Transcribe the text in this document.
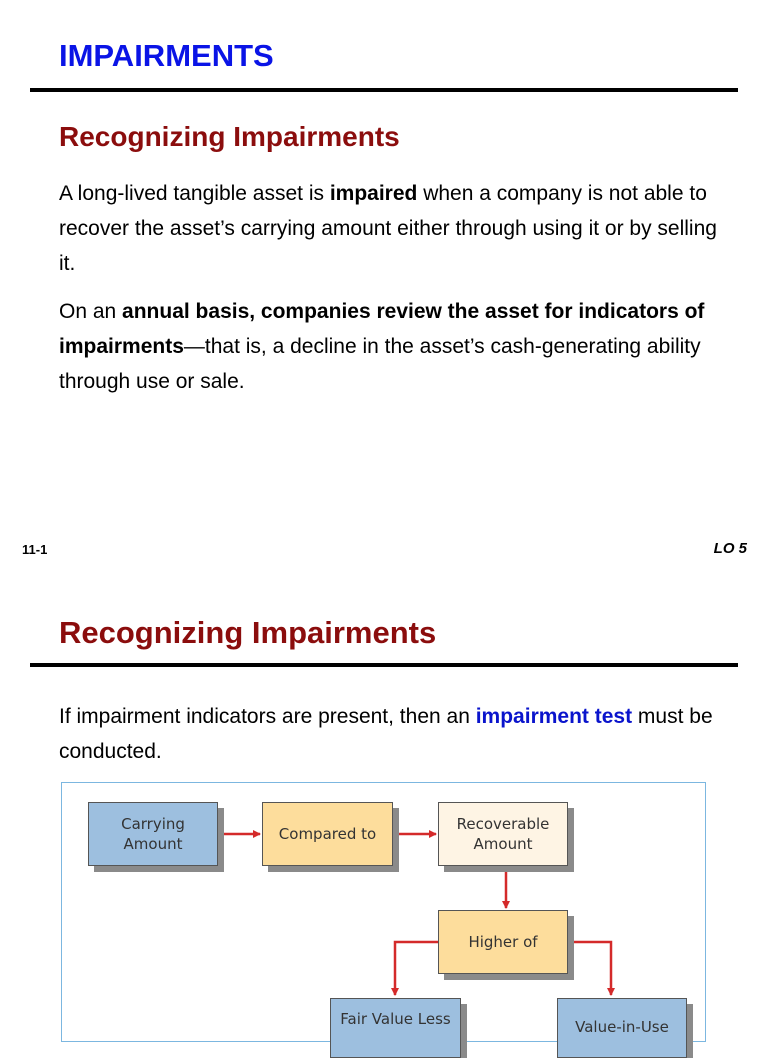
IMPAIRMENTS
Recognizing Impairments

A long-lived tangible asset is impaired when a company is not able to recover the asset’s carrying amount either through using it or by selling it.

On an annual basis, companies review the asset for indicators of impairments—that is, a decline in the asset’s cash-generating ability through use or sale.

11-1	LO 5
Recognizing Impairments

If impairment indicators are present, then an impairment test must be conducted.

Carrying
Amount
Compared to
Recoverable
Amount
Higher of
Fair Value Less	Value-in-Use
